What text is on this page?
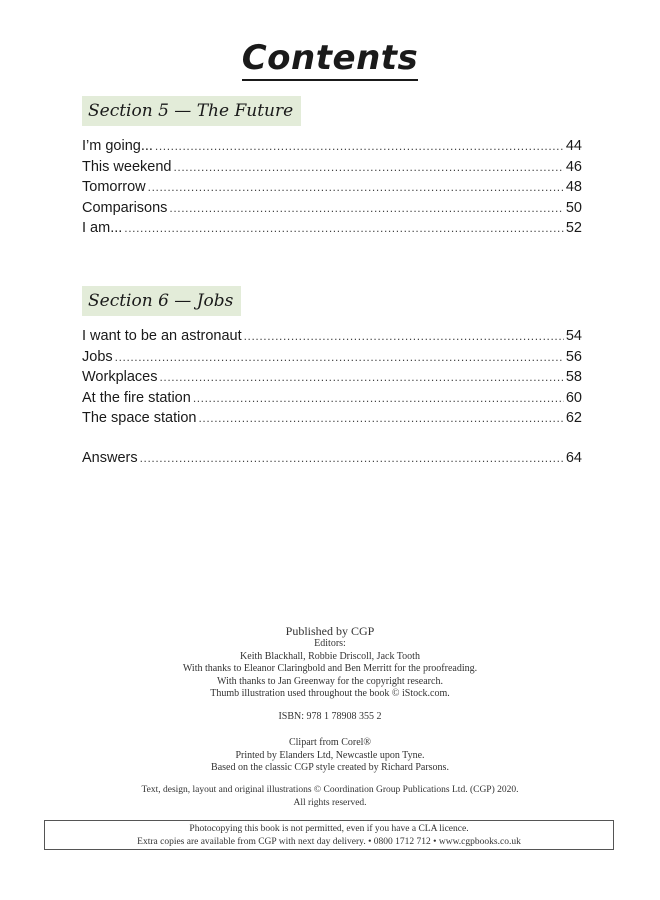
Contents
Section 5 — The Future
I’m going... .....	44
This weekend .....	46
Tomorrow .....	48
Comparisons .....	50
I am... .....	52
Section 6 — Jobs
I want to be an astronaut .....	54
Jobs .....	56
Workplaces .....	58
At the fire station .....	60
The space station .....	62
Answers .....	64
Published by CGP
Editors:
Keith Blackhall, Robbie Driscoll, Jack Tooth
With thanks to Eleanor Claringbold and Ben Merritt for the proofreading.
With thanks to Jan Greenway for the copyright research.
Thumb illustration used throughout the book © iStock.com.
ISBN: 978 1 78908 355 2
Clipart from Corel®
Printed by Elanders Ltd, Newcastle upon Tyne.
Based on the classic CGP style created by Richard Parsons.
Text, design, layout and original illustrations © Coordination Group Publications Ltd. (CGP) 2020.
All rights reserved.
Photocopying this book is not permitted, even if you have a CLA licence.
Extra copies are available from CGP with next day delivery. • 0800 1712 712 • www.cgpbooks.co.uk
